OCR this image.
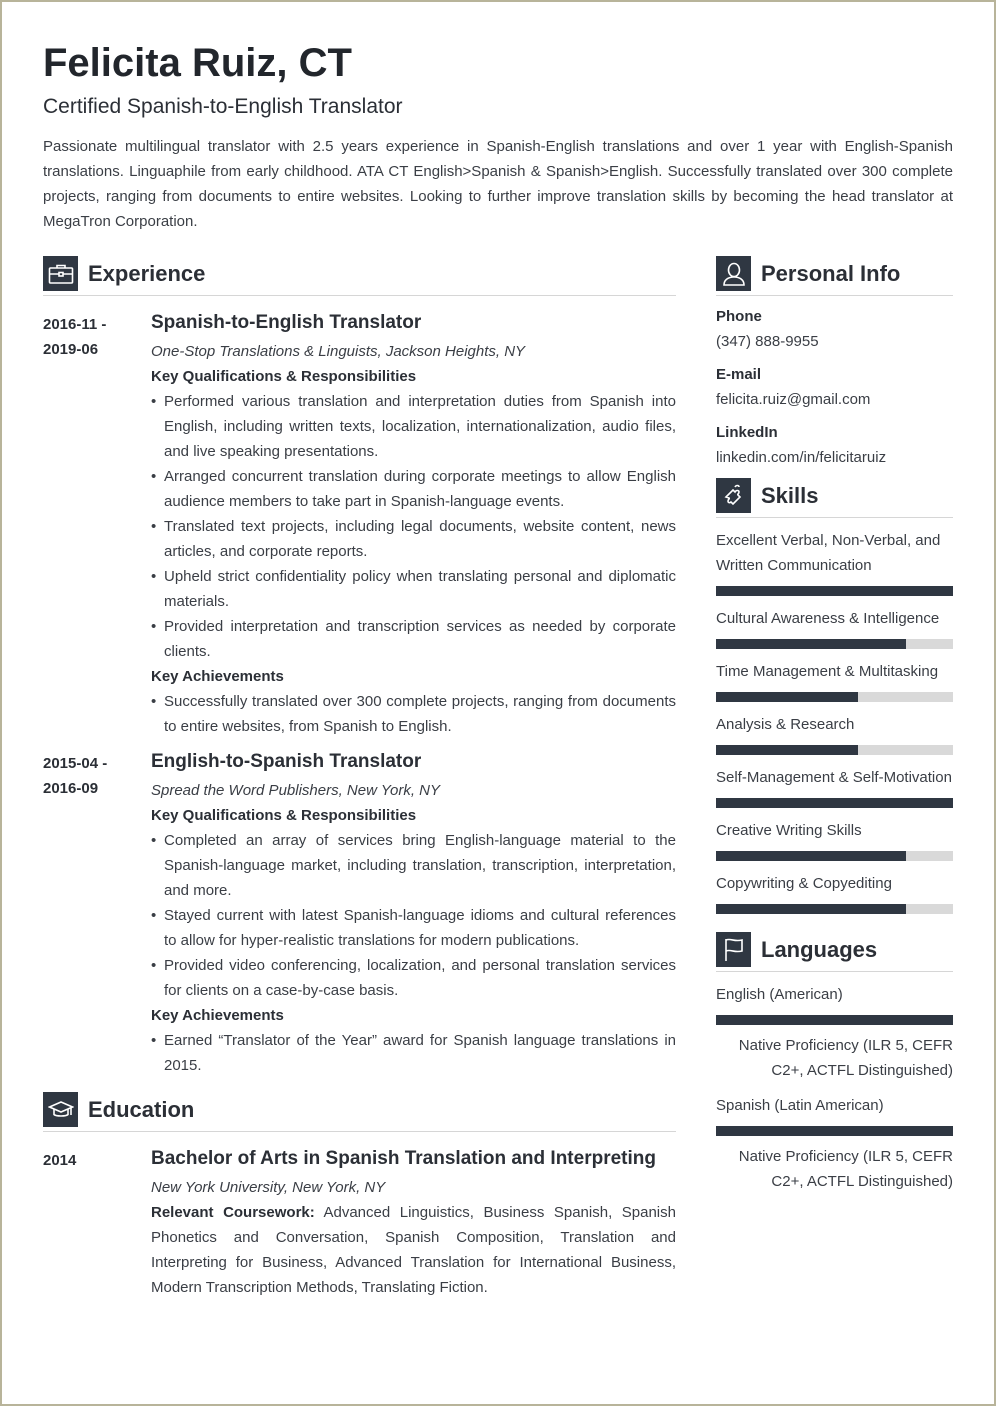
Felicita Ruiz, CT
Certified Spanish-to-English Translator

Passionate multilingual translator with 2.5 years experience in Spanish-English translations and over 1 year with English-Spanish translations. Linguaphile from early childhood. ATA CT English>Spanish & Spanish>English. Successfully translated over 300 complete projects, ranging from documents to entire websites. Looking to further improve translation skills by becoming the head translator at MegaTron Corporation.

Experience
2016-11 -
2019-06
Spanish-to-English Translator
One-Stop Translations & Linguists, Jackson Heights, NY
Key Qualifications & Responsibilities
• Performed various translation and interpretation duties from Spanish into English, including written texts, localization, internationalization, audio files, and live speaking presentations.
• Arranged concurrent translation during corporate meetings to allow English audience members to take part in Spanish-language events.
• Translated text projects, including legal documents, website content, news articles, and corporate reports.
• Upheld strict confidentiality policy when translating personal and diplomatic materials.
• Provided interpretation and transcription services as needed by corporate clients.
Key Achievements
• Successfully translated over 300 complete projects, ranging from documents to entire websites, from Spanish to English.
2015-04 -
2016-09
English-to-Spanish Translator
Spread the Word Publishers, New York, NY
Key Qualifications & Responsibilities
• Completed an array of services bring English-language material to the Spanish-language market, including translation, transcription, interpretation, and more.
• Stayed current with latest Spanish-language idioms and cultural references to allow for hyper-realistic translations for modern publications.
• Provided video conferencing, localization, and personal translation services for clients on a case-by-case basis.
Key Achievements
• Earned “Translator of the Year” award for Spanish language translations in 2015.
Education
2014	Bachelor of Arts in Spanish Translation and Interpreting
New York University, New York, NY

Relevant Coursework: Advanced Linguistics, Business Spanish, Spanish Phonetics and Conversation, Spanish Composition, Translation and Interpreting for Business, Advanced Translation for International Business, Modern Transcription Methods, Translating Fiction.

Personal Info
Phone
(347) 888-9955
E-mail
felicita.ruiz@gmail.com
LinkedIn
linkedin.com/in/felicitaruiz
Skills
Excellent Verbal, Non-Verbal, and Written Communication
Cultural Awareness & Intelligence
Time Management & Multitasking
Analysis & Research
Self-Management & Self-Motivation
Creative Writing Skills
Copywriting & Copyediting
Languages
English (American)
Native Proficiency (ILR 5, CEFR C2+, ACTFL Distinguished)
Spanish (Latin American)
Native Proficiency (ILR 5, CEFR C2+, ACTFL Distinguished)
